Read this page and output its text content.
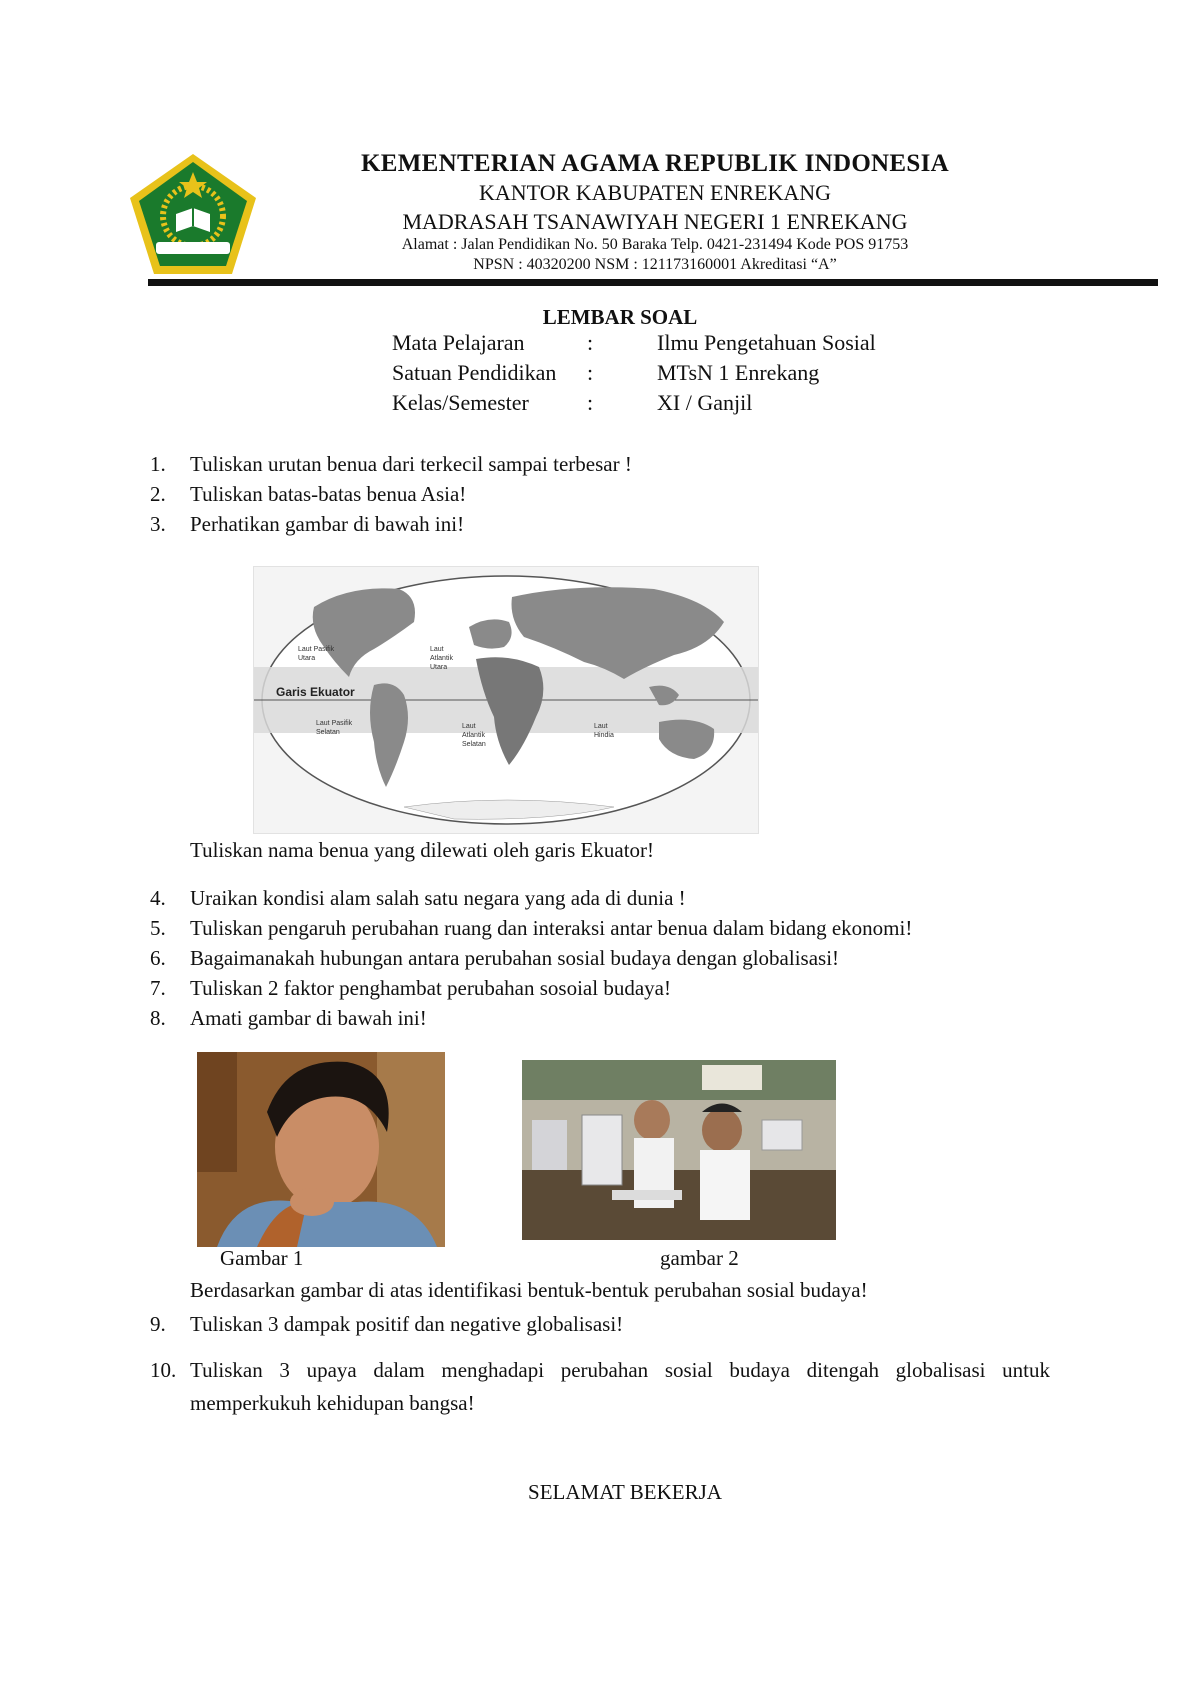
KEMENTERIAN AGAMA REPUBLIK INDONESIA
KANTOR KABUPATEN ENREKANG
MADRASAH TSANAWIYAH NEGERI 1 ENREKANG
Alamat : Jalan Pendidikan No. 50 Baraka Telp. 0421-231494 Kode POS 91753
NPSN : 40320200 NSM : 121173160001 Akreditasi “A”
LEMBAR SOAL
Mata Pelajaran	:	Ilmu Pengetahuan Sosial
Satuan Pendidikan :	MTsN 1 Enrekang
Kelas/Semester	:	XI / Ganjil
1.	Tuliskan urutan benua dari terkecil sampai terbesar !
2.	Tuliskan batas-batas benua Asia!
3.	Perhatikan gambar di bawah ini!
Garis Ekuator
Laut Pasifik Utara
Laut Atlantik Utara
Laut Pasifik Selatan
Laut Atlantik Selatan
Laut Hindia
Tuliskan nama benua yang dilewati oleh garis Ekuator!
4.	Uraikan kondisi alam salah satu negara yang ada di dunia !
5.	Tuliskan pengaruh perubahan ruang dan interaksi antar benua dalam bidang ekonomi!
6.	Bagaimanakah hubungan antara perubahan sosial budaya dengan globalisasi!
7.	Tuliskan 2 faktor penghambat perubahan sosoial budaya!
8.	Amati gambar di bawah ini!
Gambar 1	gambar 2
Berdasarkan gambar di atas identifikasi bentuk-bentuk perubahan sosial budaya!
9.	Tuliskan 3 dampak positif dan negative globalisasi!
10. Tuliskan 3 upaya dalam menghadapi perubahan sosial budaya ditengah globalisasi untuk memperkukuh kehidupan bangsa!
SELAMAT BEKERJA
